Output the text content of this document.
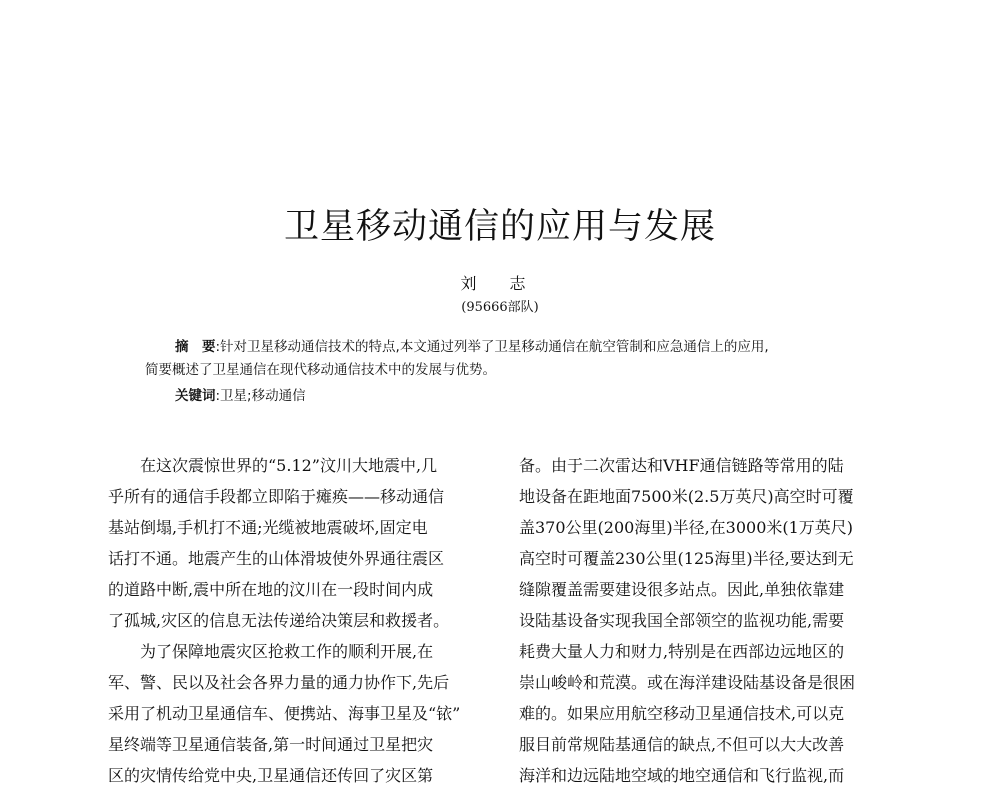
卫星移动通信的应用与发展
刘 志
(95666部队)
摘　要:针对卫星移动通信技术的特点,本文通过列举了卫星移动通信在航空管制和应急通信上的应用,
简要概述了卫星通信在现代移动通信技术中的发展与优势。
关键词:卫星;移动通信
在这次震惊世界的“5.12”汶川大地震中,几
乎所有的通信手段都立即陷于瘫痪——移动通信
基站倒塌,手机打不通;光缆被地震破坏,固定电
话打不通。地震产生的山体滑坡使外界通往震区
的道路中断,震中所在地的汶川在一段时间内成
了孤城,灾区的信息无法传递给决策层和救援者。
为了保障地震灾区抢救工作的顺利开展,在
军、警、民以及社会各界力量的通力协作下,先后
采用了机动卫星通信车、便携站、海事卫星及“铱”
星终端等卫星通信装备,第一时间通过卫星把灾
区的灾情传给党中央,卫星通信还传回了灾区第
备。由于二次雷达和VHF通信链路等常用的陆
地设备在距地面7500米(2.5万英尺)高空时可覆
盖370公里(200海里)半径,在3000米(1万英尺)
高空时可覆盖230公里(125海里)半径,要达到无
缝隙覆盖需要建设很多站点。因此,单独依靠建
设陆基设备实现我国全部领空的监视功能,需要
耗费大量人力和财力,特别是在西部边远地区的
崇山峻岭和荒漠。或在海洋建设陆基设备是很困
难的。如果应用航空移动卫星通信技术,可以克
服目前常规陆基通信的缺点,不但可以大大改善
海洋和边远陆地空域的地空通信和飞行监视,而
